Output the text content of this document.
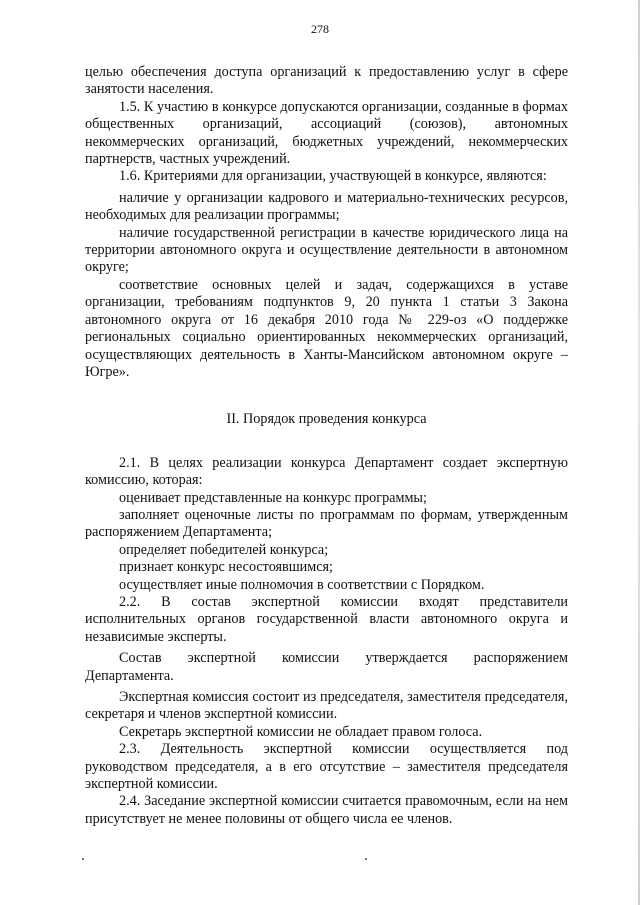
278

целью обеспечения доступа организаций к предоставлению услуг в сфере занятости населения.

1.5. К участию в конкурсе допускаются организации, созданные в формах общественных организаций, ассоциаций (союзов), автономных некоммерческих организаций, бюджетных учреждений, некоммерческих партнерств, частных учреждений.

1.6. Критериями для организации, участвующей в конкурсе, являются:

наличие у организации кадрового и материально-технических ресурсов, необходимых для реализации программы;

наличие государственной регистрации в качестве юридического лица на территории автономного округа и осуществление деятельности в автономном округе;

соответствие основных целей и задач, содержащихся в уставе организации, требованиям подпунктов 9, 20 пункта 1 статьи 3 Закона автономного округа от 16 декабря 2010 года № 229-оз «О поддержке региональных социально ориентированных некоммерческих организаций, осуществляющих деятельность в Ханты-Мансийском автономном округе – Югре».

II. Порядок проведения конкурса

2.1. В целях реализации конкурса Департамент создает экспертную комиссию, которая:

оценивает представленные на конкурс программы;

заполняет оценочные листы по программам по формам, утвержденным распоряжением Департамента;

определяет победителей конкурса;

признает конкурс несостоявшимся;

осуществляет иные полномочия в соответствии с Порядком.

2.2. В состав экспертной комиссии входят представители исполнительных органов государственной власти автономного округа и независимые эксперты.

Состав экспертной комиссии утверждается распоряжением Департамента.

Экспертная комиссия состоит из председателя, заместителя председателя, секретаря и членов экспертной комиссии.

Секретарь экспертной комиссии не обладает правом голоса.

2.3. Деятельность экспертной комиссии осуществляется под руководством председателя, а в его отсутствие – заместителя председателя экспертной комиссии.

2.4. Заседание экспертной комиссии считается правомочным, если на нем присутствует не менее половины от общего числа ее членов.
